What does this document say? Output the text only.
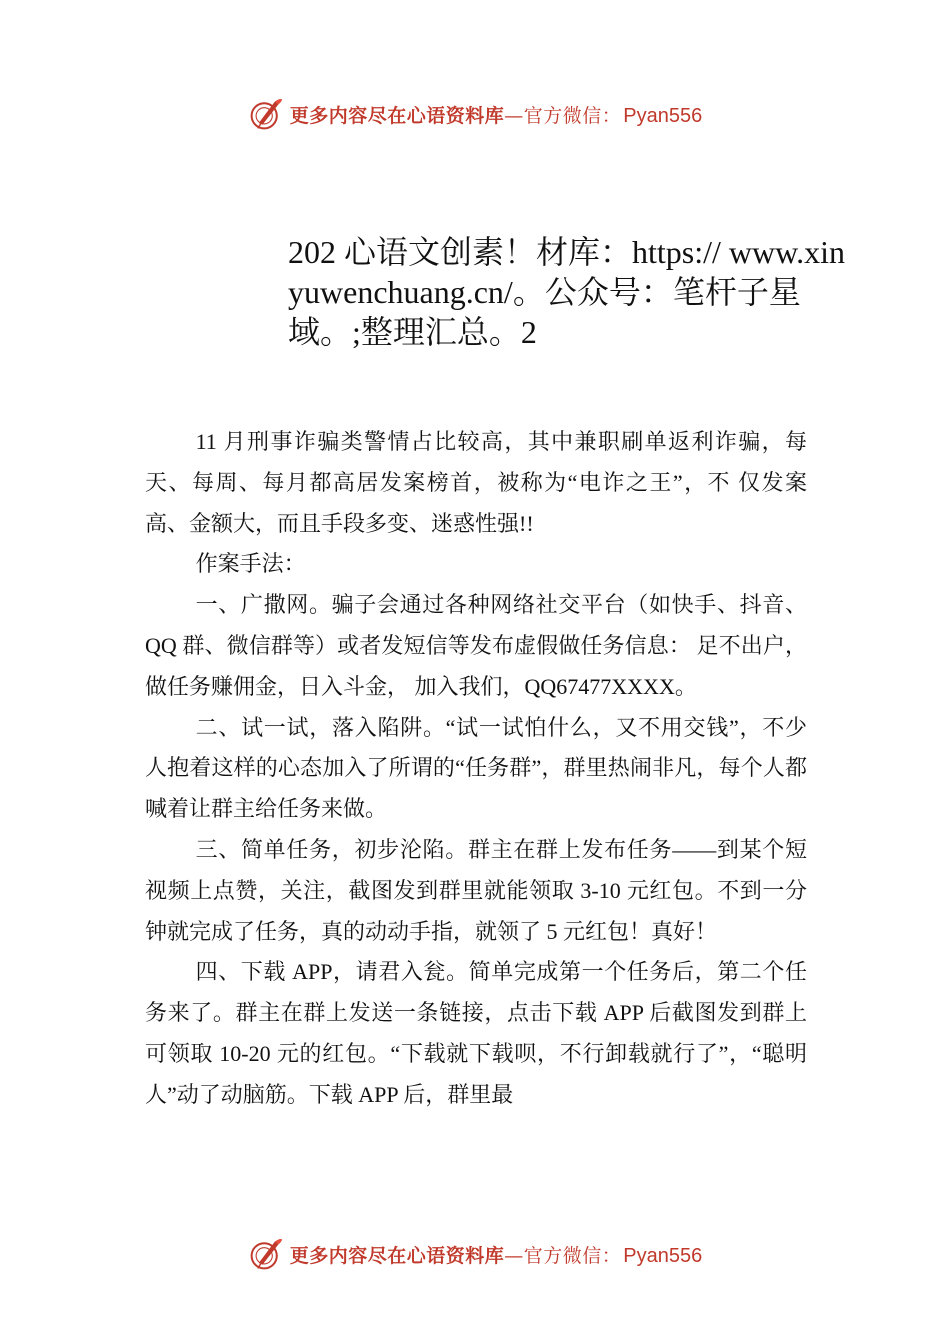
更多内容尽在心语资料库 — 官方微信： Pyan556
202 心语文创素！材库：https:// www.xinyuwenchuang.cn/。公众号：笔杆子星域。;整理汇总。2

11 月刑事诈骗类警情占比较高，其中兼职刷单返利诈骗，每天、每周、每月都高居发案榜首，被称为“电诈之王”，不 仅发案高、金额大，而且手段多变、迷惑性强!!

作案手法：

一、广撒网。骗子会通过各种网络社交平台（如快手、抖音、QQ 群、微信群等）或者发短信等发布虚假做任务信息： 足不出户，做任务赚佣金，日入斗金， 加入我们，QQ67477XXXX。

二、试一试，落入陷阱。“试一试怕什么，又不用交钱”，不少人抱着这样的心态加入了所谓的“任务群”，群里热闹非凡，每个人都喊着让群主给任务来做。

三、简单任务，初步沦陷。群主在群上发布任务——到某个短视频上点赞，关注，截图发到群里就能领取 3-10 元红包。不到一分钟就完成了任务，真的动动手指，就领了 5 元红包！真好！

四、下载 APP，请君入瓮。简单完成第一个任务后，第二个任务来了。群主在群上发送一条链接，点击下载 APP 后截图发到群上可领取 10-20 元的红包。“下载就下载呗，不行卸载就行了”，“聪明人”动了动脑筋。下载 APP 后，群里最

更多内容尽在心语资料库 — 官方微信： Pyan556
